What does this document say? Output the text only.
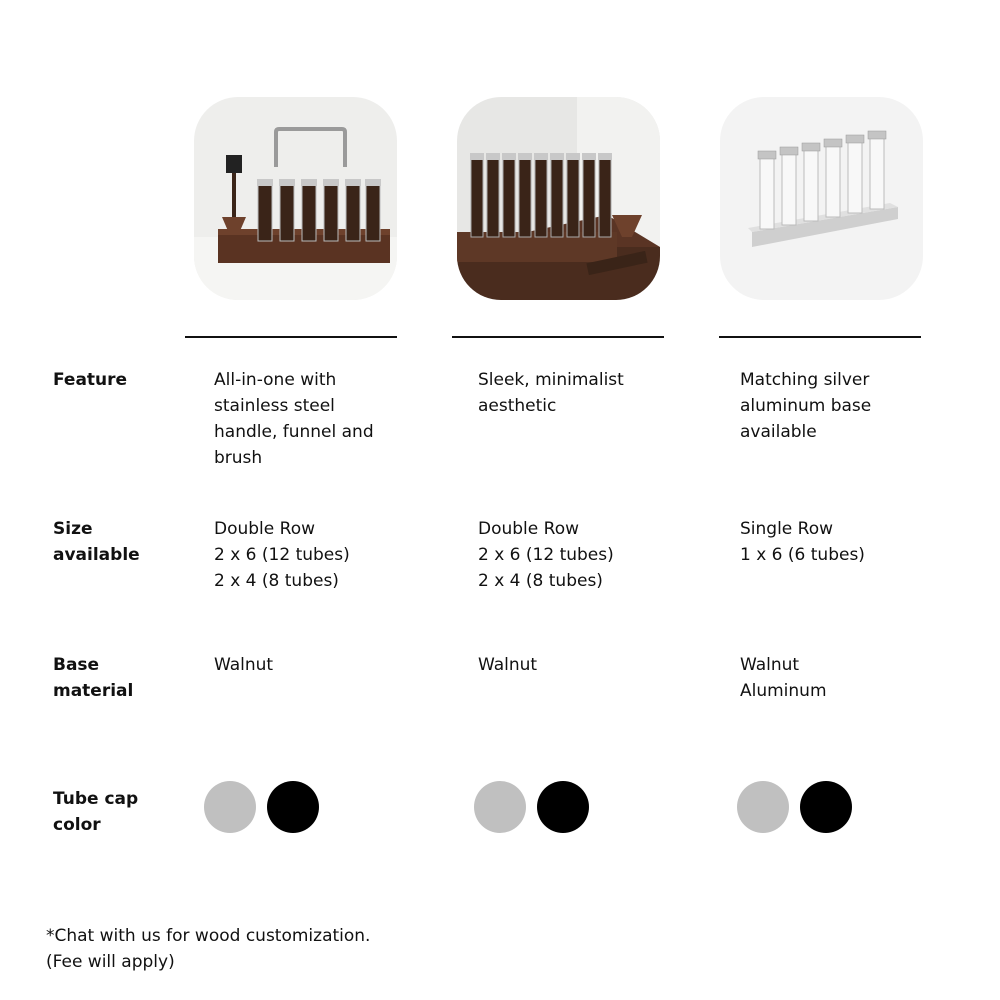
Feature
Size
available
Base
material
Tube cap
color
All-in-one with
stainless steel
handle, funnel and
brush
Sleek, minimalist
aesthetic
Matching silver
aluminum base
available
Double Row
2 x 6 (12 tubes)
2 x 4 (8 tubes)
Double Row
2 x 6 (12 tubes)
2 x 4 (8 tubes)
Single Row
1 x 6 (6 tubes)
Walnut	Walnut	Walnut
Aluminum
*Chat with us for wood customization.
(Fee will apply)
